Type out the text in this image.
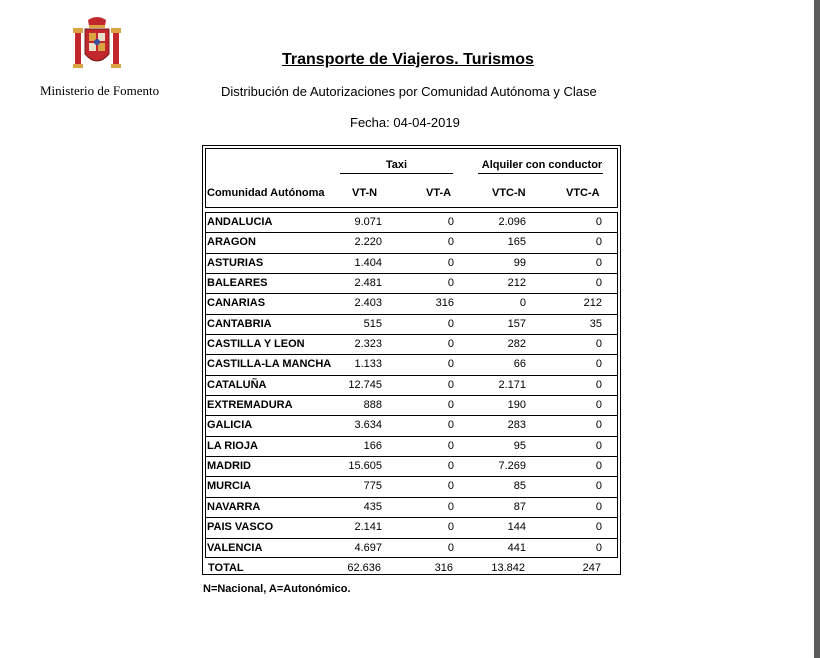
Ministerio de Fomento
Transporte de Viajeros. Turismos
Distribución de Autorizaciones por Comunidad Autónoma y Clase
Fecha: 04-04-2019
Taxi	Alquiler con conductor
Comunidad Autónoma VT-N	VT-A	VTC-N	VTC-A
ANDALUCIA	9.071	0	2.096	0
ARAGON	2.220	0	165	0
ASTURIAS	1.404	0	99	0
BALEARES	2.481	0	212	0
CANARIAS	2.403	316	0	212
CANTABRIA	515	0	157	35
CASTILLA Y LEON	2.323	0	282	0
CASTILLA-LA MANCHA	1.133	0	66	0
CATALUÑA	12.745	0	2.171	0
EXTREMADURA	888	0	190	0
GALICIA	3.634	0	283	0
LA RIOJA	166	0	95	0
MADRID	15.605	0	7.269	0
MURCIA	775	0	85	0
NAVARRA	435	0	87	0
PAIS VASCO	2.141	0	144	0
VALENCIA	4.697	0	441	0
TOTAL	62.636	316	13.842	247
N=Nacional, A=Autonómico.
